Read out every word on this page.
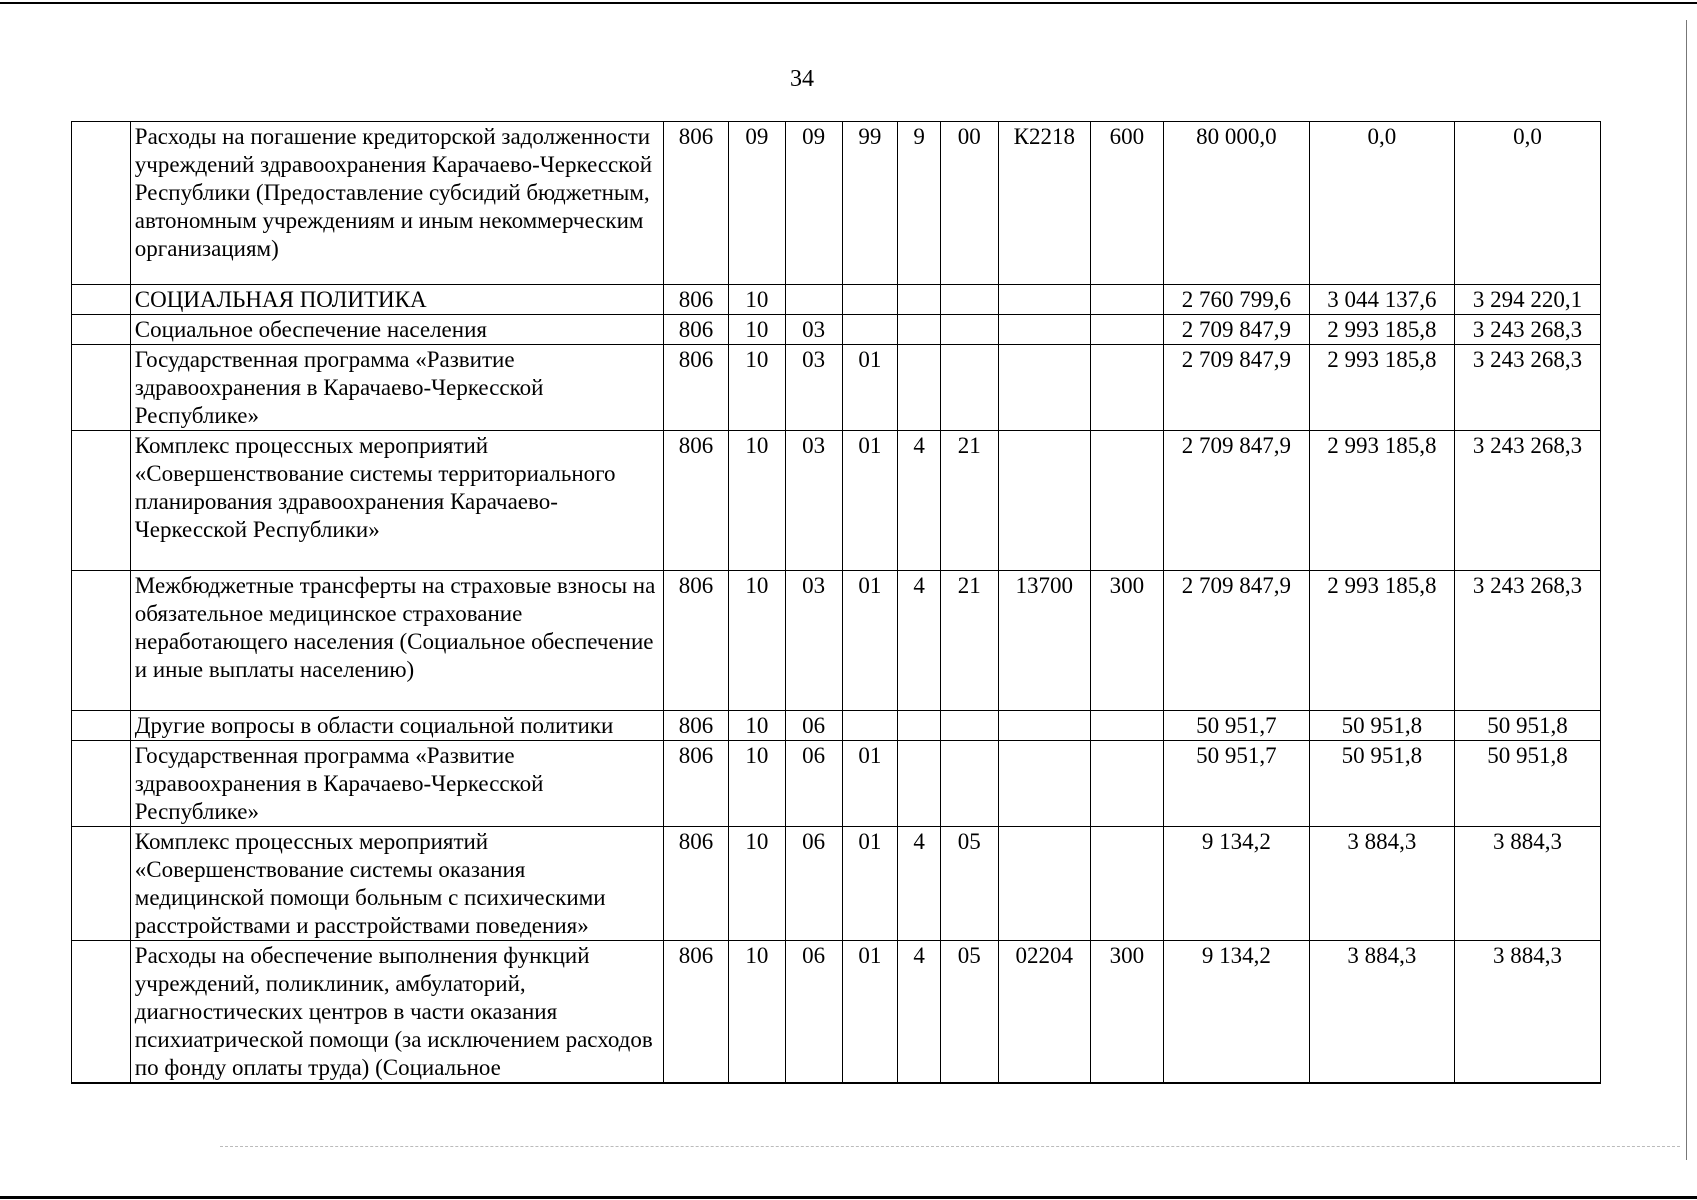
34
	Расходы на погашение кредиторской задолженности учреждений здравоохранения Карачаево-Черкесской Республики (Предоставление субсидий бюджетным, автономным учреждениям и иным некоммерческим организациям)	806	09	09	99	9	00	К2218	600	80 000,0	0,0	0,0
	СОЦИАЛЬНАЯ ПОЛИТИКА	806	10							2 760 799,6	3 044 137,6	3 294 220,1
	Социальное обеспечение населения	806	10	03						2 709 847,9	2 993 185,8	3 243 268,3
	Государственная программа «Развитие здравоохранения в Карачаево-Черкесской Республике»	806	10	03	01					2 709 847,9	2 993 185,8	3 243 268,3
	Комплекс процессных мероприятий «Совершенствование системы территориального планирования здравоохранения Карачаево-Черкесской Республики»	806	10	03	01	4	21			2 709 847,9	2 993 185,8	3 243 268,3
	Межбюджетные трансферты на страховые взносы на обязательное медицинское страхование неработающего населения (Социальное обеспечение и иные выплаты населению)	806	10	03	01	4	21	13700	300	2 709 847,9	2 993 185,8	3 243 268,3
	Другие вопросы в области социальной политики	806	10	06						50 951,7	50 951,8	50 951,8
	Государственная программа «Развитие здравоохранения в Карачаево-Черкесской Республике»	806	10	06	01					50 951,7	50 951,8	50 951,8
	Комплекс процессных мероприятий «Совершенствование системы оказания медицинской помощи больным с психическими расстройствами и расстройствами поведения»	806	10	06	01	4	05			9 134,2	3 884,3	3 884,3
	Расходы на обеспечение выполнения функций учреждений, поликлиник, амбулаторий, диагностических центров в части оказания психиатрической помощи (за исключением расходов по фонду оплаты труда) (Социальное	806	10	06	01	4	05	02204	300	9 134,2	3 884,3	3 884,3
